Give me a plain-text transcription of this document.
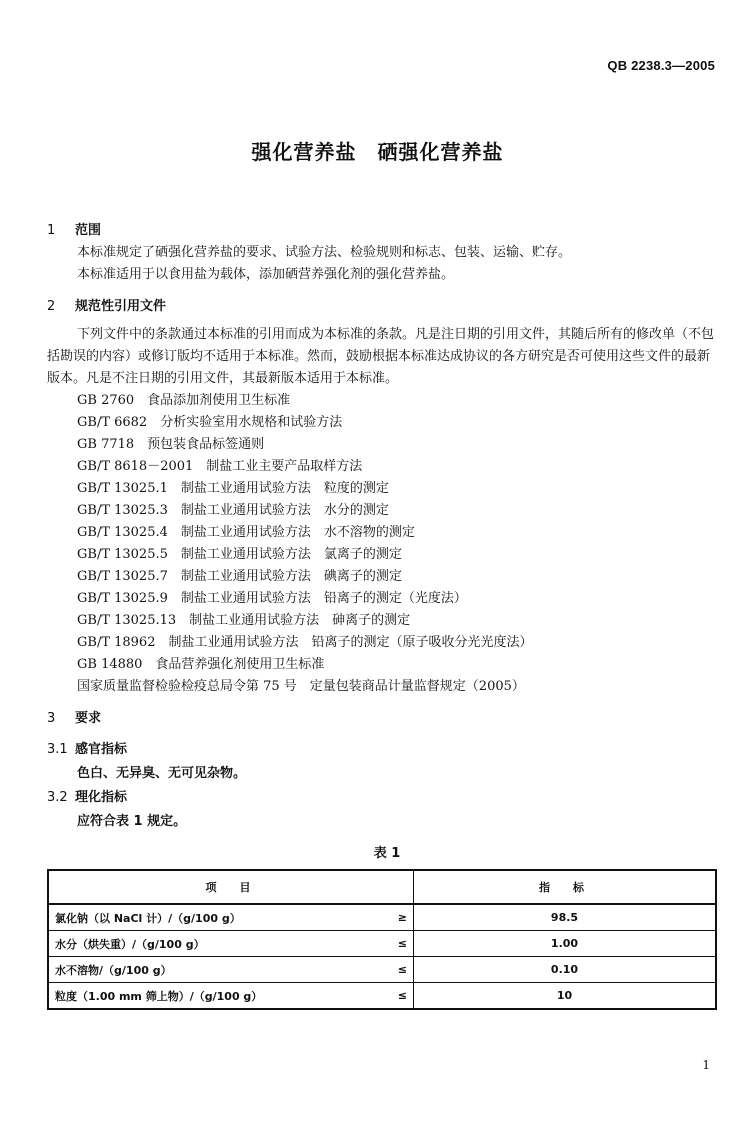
QB 2238.3—2005
强化营养盐　硒强化营养盐

1 范围

本标准规定了硒强化营养盐的要求、试验方法、检验规则和标志、包装、运输、贮存。

本标准适用于以食用盐为载体，添加硒营养强化剂的强化营养盐。

2 规范性引用文件

下列文件中的条款通过本标准的引用而成为本标准的条款。凡是注日期的引用文件，其随后所有的修改单（不包括勘误的内容）或修订版均不适用于本标准。然而，鼓励根据本标准达成协议的各方研究是否可使用这些文件的最新版本。凡是不注日期的引用文件，其最新版本适用于本标准。

GB 2760　食品添加剂使用卫生标准
GB/T 6682　分析实验室用水规格和试验方法
GB 7718　预包装食品标签通则
GB/T 8618－2001　制盐工业主要产品取样方法
GB/T 13025.1　制盐工业通用试验方法　粒度的测定
GB/T 13025.3　制盐工业通用试验方法　水分的测定
GB/T 13025.4　制盐工业通用试验方法　水不溶物的测定
GB/T 13025.5　制盐工业通用试验方法　氯离子的测定
GB/T 13025.7　制盐工业通用试验方法　碘离子的测定
GB/T 13025.9　制盐工业通用试验方法　铅离子的测定（光度法）
GB/T 13025.13　制盐工业通用试验方法　砷离子的测定
GB/T 18962　制盐工业通用试验方法　铅离子的测定（原子吸收分光光度法）
GB 14880　食品营养强化剂使用卫生标准
国家质量监督检验检疫总局令第 75 号　定量包装商品计量监督规定（2005）

3 要求

3.1 感官指标
色白、无异臭、无可见杂物。
3.2 理化指标
应符合表 1 规定。
表 1
项　目		指　标
氯化钠（以 NaCl 计）/（g/100 g）	≥	98.5
水分（烘失重）/（g/100 g）	≤	1.00
水不溶物/（g/100 g）	≤	0.10
粒度（1.00 mm 筛上物）/（g/100 g）	≤	10
1
